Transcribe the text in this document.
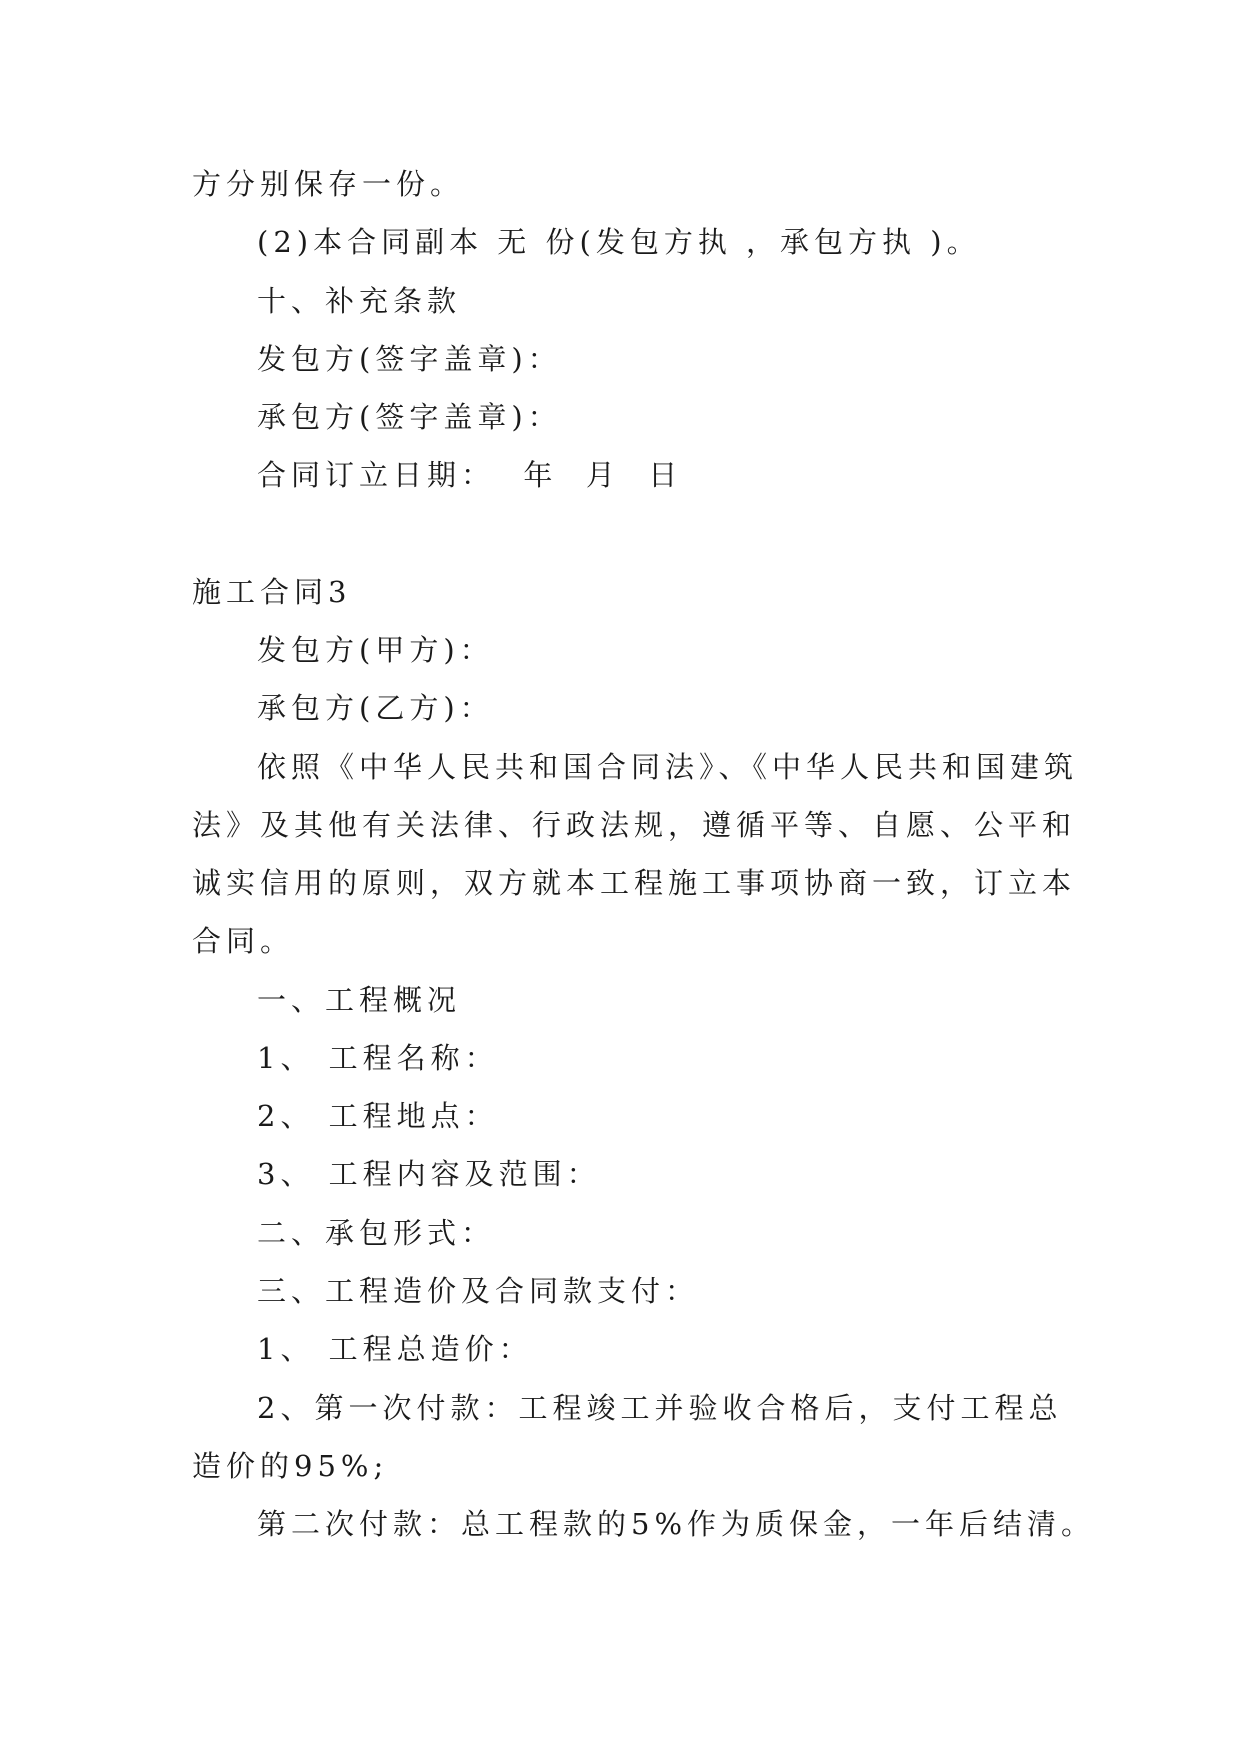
方分别保存一份。
(2)本合同副本 无 份(发包方执 ，承包方执 )。
十、补充条款
发包方(签字盖章)：
承包方(签字盖章)：
合同订立日期：  年  月  日
施工合同3
发包方(甲方)：
承包方(乙方)：
依照《中华人民共和国合同法》、《中华人民共和国建筑
法》及其他有关法律、行政法规，遵循平等、自愿、公平和
诚实信用的原则，双方就本工程施工事项协商一致，订立本
合同。
一、工程概况
1、 工程名称：
2、 工程地点：
3、 工程内容及范围：
二、承包形式：
三、工程造价及合同款支付：
1、 工程总造价：
2、第一次付款：工程竣工并验收合格后，支付工程总
造价的95%;
第二次付款：总工程款的5%作为质保金，一年后结清。
